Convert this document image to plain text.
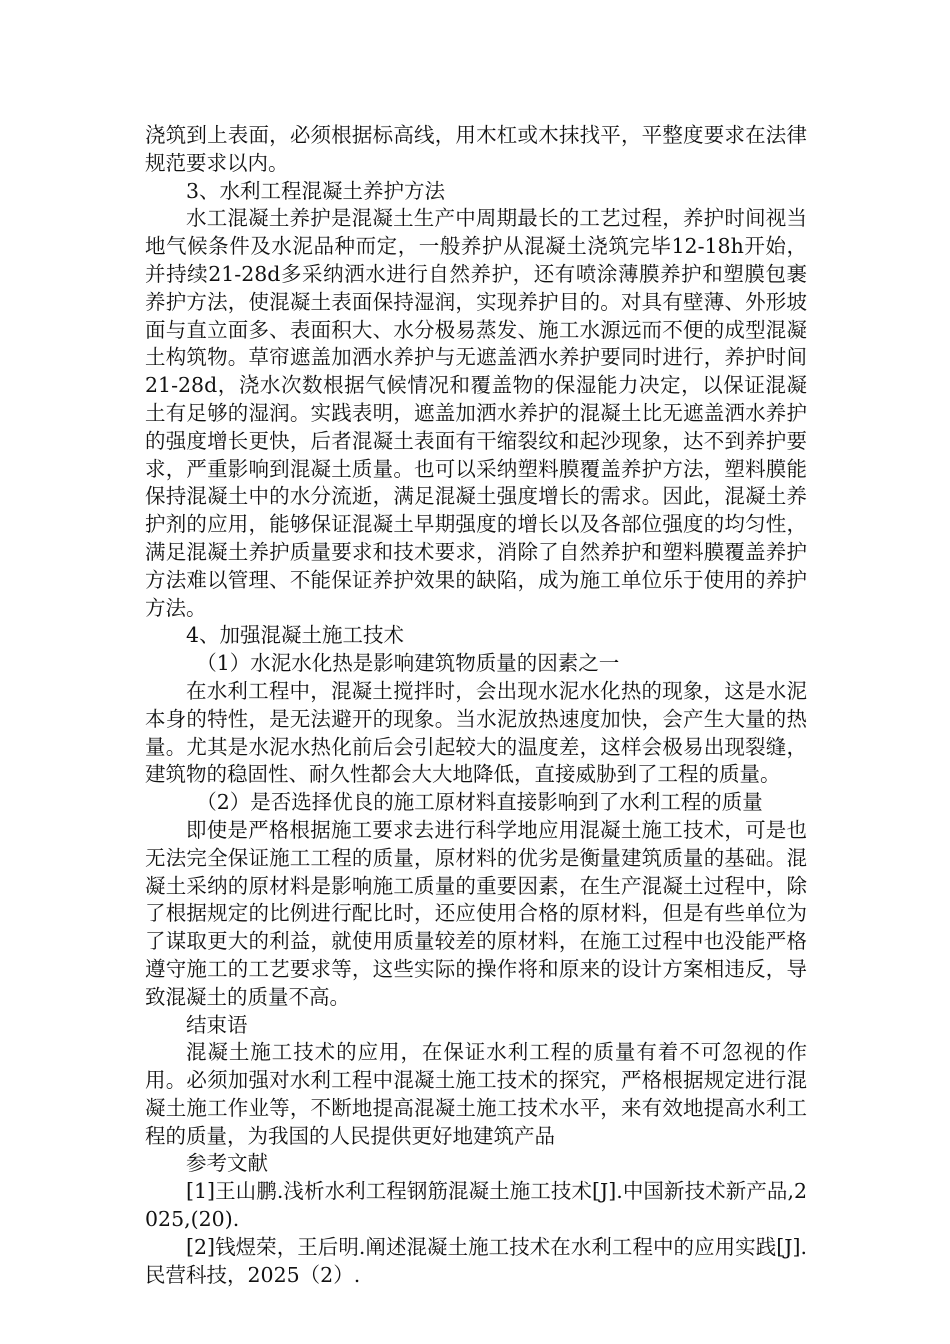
浇筑到上表面，必须根据标高线，用木杠或木抹找平，平整度要求在法律规范要求以内。

3、水利工程混凝土养护方法

水工混凝土养护是混凝土生产中周期最长的工艺过程，养护时间视当地气候条件及水泥品种而定，一般养护从混凝土浇筑完毕12-18h开始，并持续21-28d多采纳洒水进行自然养护，还有喷涂薄膜养护和塑膜包裹养护方法，使混凝土表面保持湿润，实现养护目的。对具有壁薄、外形坡面与直立面多、表面积大、水分极易蒸发、施工水源远而不便的成型混凝土构筑物。草帘遮盖加洒水养护与无遮盖洒水养护要同时进行，养护时间21-28d，浇水次数根据气候情况和覆盖物的保湿能力决定，以保证混凝土有足够的湿润。实践表明，遮盖加洒水养护的混凝土比无遮盖洒水养护的强度增长更快，后者混凝土表面有干缩裂纹和起沙现象，达不到养护要求，严重影响到混凝土质量。也可以采纳塑料膜覆盖养护方法，塑料膜能保持混凝土中的水分流逝，满足混凝土强度增长的需求。因此，混凝土养护剂的应用，能够保证混凝土早期强度的增长以及各部位强度的均匀性，满足混凝土养护质量要求和技术要求，消除了自然养护和塑料膜覆盖养护方法难以管理、不能保证养护效果的缺陷，成为施工单位乐于使用的养护方法。

4、加强混凝土施工技术

（1）水泥水化热是影响建筑物质量的因素之一

在水利工程中，混凝土搅拌时，会出现水泥水化热的现象，这是水泥本身的特性，是无法避开的现象。当水泥放热速度加快，会产生大量的热量。尤其是水泥水热化前后会引起较大的温度差，这样会极易出现裂缝，建筑物的稳固性、耐久性都会大大地降低，直接威胁到了工程的质量。

（2）是否选择优良的施工原材料直接影响到了水利工程的质量

即使是严格根据施工要求去进行科学地应用混凝土施工技术，可是也无法完全保证施工工程的质量，原材料的优劣是衡量建筑质量的基础。混凝土采纳的原材料是影响施工质量的重要因素，在生产混凝土过程中，除了根据规定的比例进行配比时，还应使用合格的原材料，但是有些单位为了谋取更大的利益，就使用质量较差的原材料，在施工过程中也没能严格遵守施工的工艺要求等，这些实际的操作将和原来的设计方案相违反，导致混凝土的质量不高。

结束语

混凝土施工技术的应用，在保证水利工程的质量有着不可忽视的作用。必须加强对水利工程中混凝土施工技术的探究，严格根据规定进行混凝土施工作业等，不断地提高混凝土施工技术水平，来有效地提高水利工程的质量，为我国的人民提供更好地建筑产品

参考文献

[1]王山鹏.浅析水利工程钢筋混凝土施工技术[J].中国新技术新产品,2025,(20).

[2]钱煜荣，王后明.阐述混凝土施工技术在水利工程中的应用实践[J].民营科技，2025（2）.
